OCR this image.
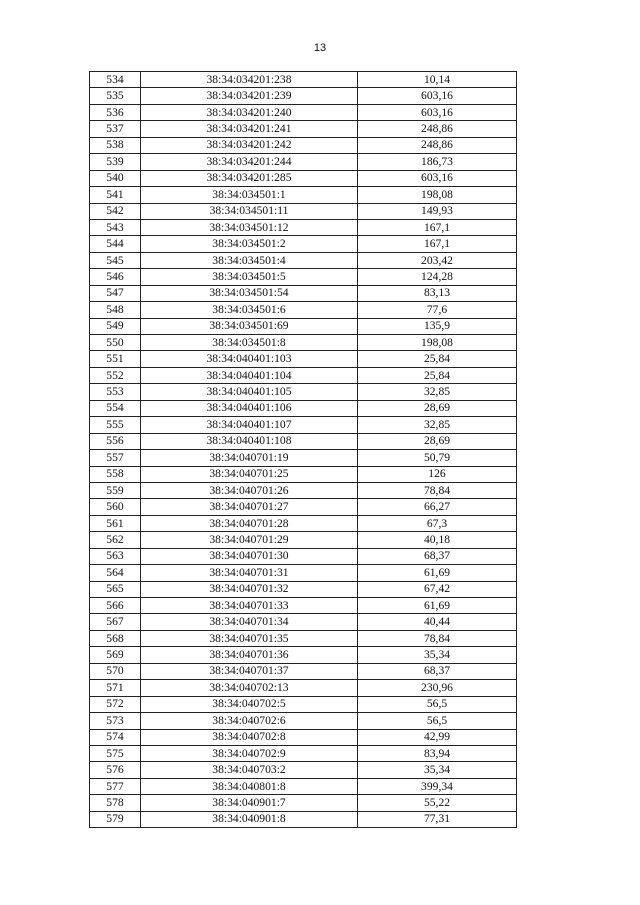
13
534	38:34:034201:238	10,14
535	38:34:034201:239	603,16
536	38:34:034201:240	603,16
537	38:34:034201:241	248,86
538	38:34:034201:242	248,86
539	38:34:034201:244	186,73
540	38:34:034201:285	603,16
541	38:34:034501:1	198,08
542	38:34:034501:11	149,93
543	38:34:034501:12	167,1
544	38:34:034501:2	167,1
545	38:34:034501:4	203,42
546	38:34:034501:5	124,28
547	38:34:034501:54	83,13
548	38:34:034501:6	77,6
549	38:34:034501:69	135,9
550	38:34:034501:8	198,08
551	38:34:040401:103	25,84
552	38:34:040401:104	25,84
553	38:34:040401:105	32,85
554	38:34:040401:106	28,69
555	38:34:040401:107	32,85
556	38:34:040401:108	28,69
557	38:34:040701:19	50,79
558	38:34:040701:25	126
559	38:34:040701:26	78,84
560	38:34:040701:27	66,27
561	38:34:040701:28	67,3
562	38:34:040701:29	40,18
563	38:34:040701:30	68,37
564	38:34:040701:31	61,69
565	38:34:040701:32	67,42
566	38:34:040701:33	61,69
567	38:34:040701:34	40,44
568	38:34:040701:35	78,84
569	38:34:040701:36	35,34
570	38:34:040701:37	68,37
571	38:34:040702:13	230,96
572	38:34:040702:5	56,5
573	38:34:040702:6	56,5
574	38:34:040702:8	42,99
575	38:34:040702:9	83,94
576	38:34:040703:2	35,34
577	38:34:040801:8	399,34
578	38:34:040901:7	55,22
579	38:34:040901:8	77,31
